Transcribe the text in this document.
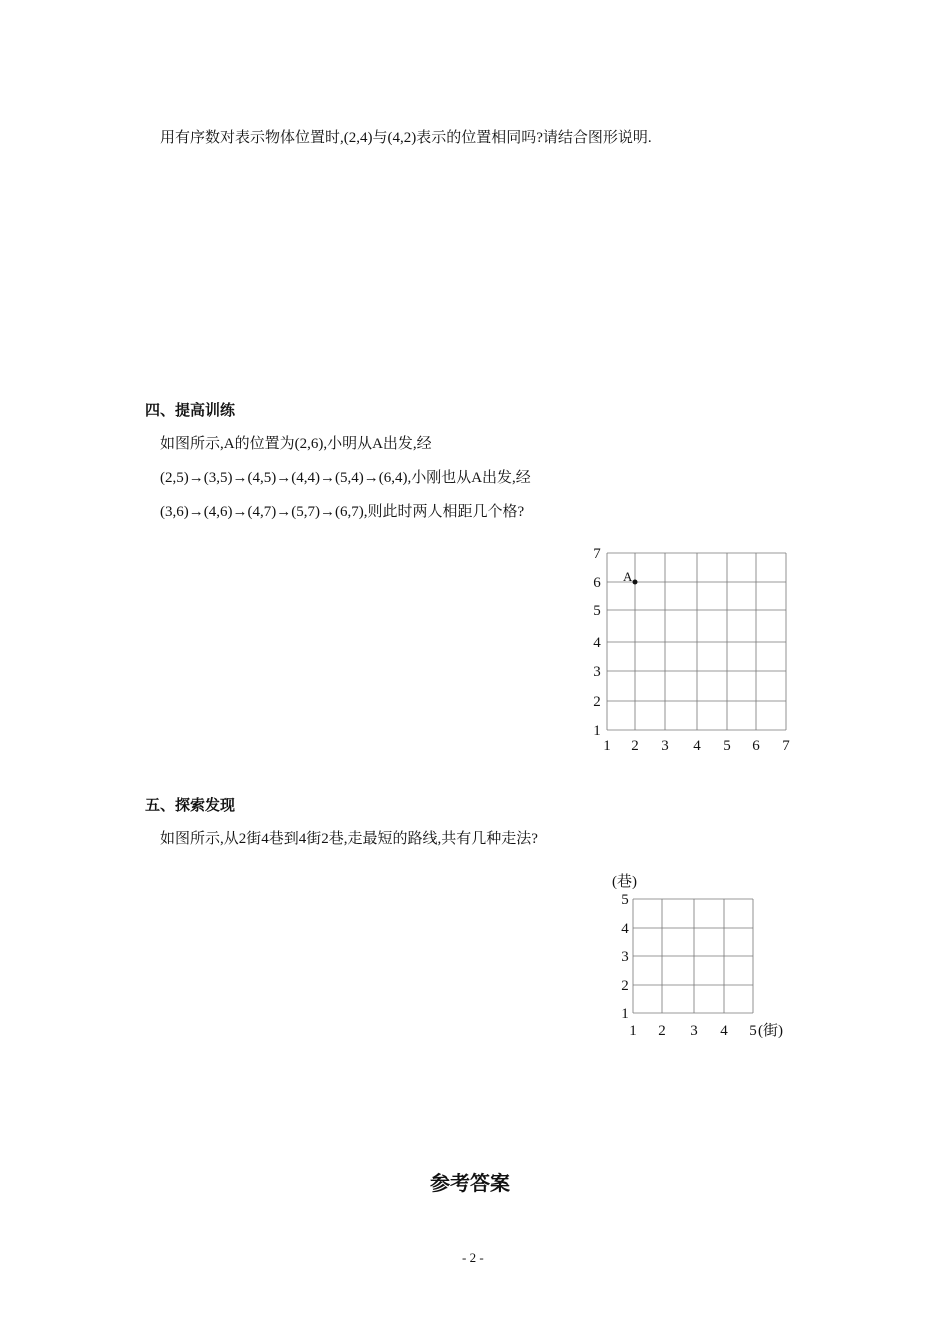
用有序数对表示物体位置时,(2,4)与(4,2)表示的位置相同吗?请结合图形说明.
四、提高训练
如图所示,A的位置为(2,6),小明从A出发,经
(2,5)→(3,5)→(4,5)→(4,4)→(5,4)→(6,4),小刚也从A出发,经
(3,6)→(4,6)→(4,7)→(5,7)→(6,7),则此时两人相距几个格?
1 2 3 4 5 6 7
1
2
3
4
5
6
7
A
五、探索发现
如图所示,从2街4巷到4街2巷,走最短的路线,共有几种走法?
1 2 3 4 5
1
2
3
4
5
(巷)
(街)
参考答案
- 2 -
